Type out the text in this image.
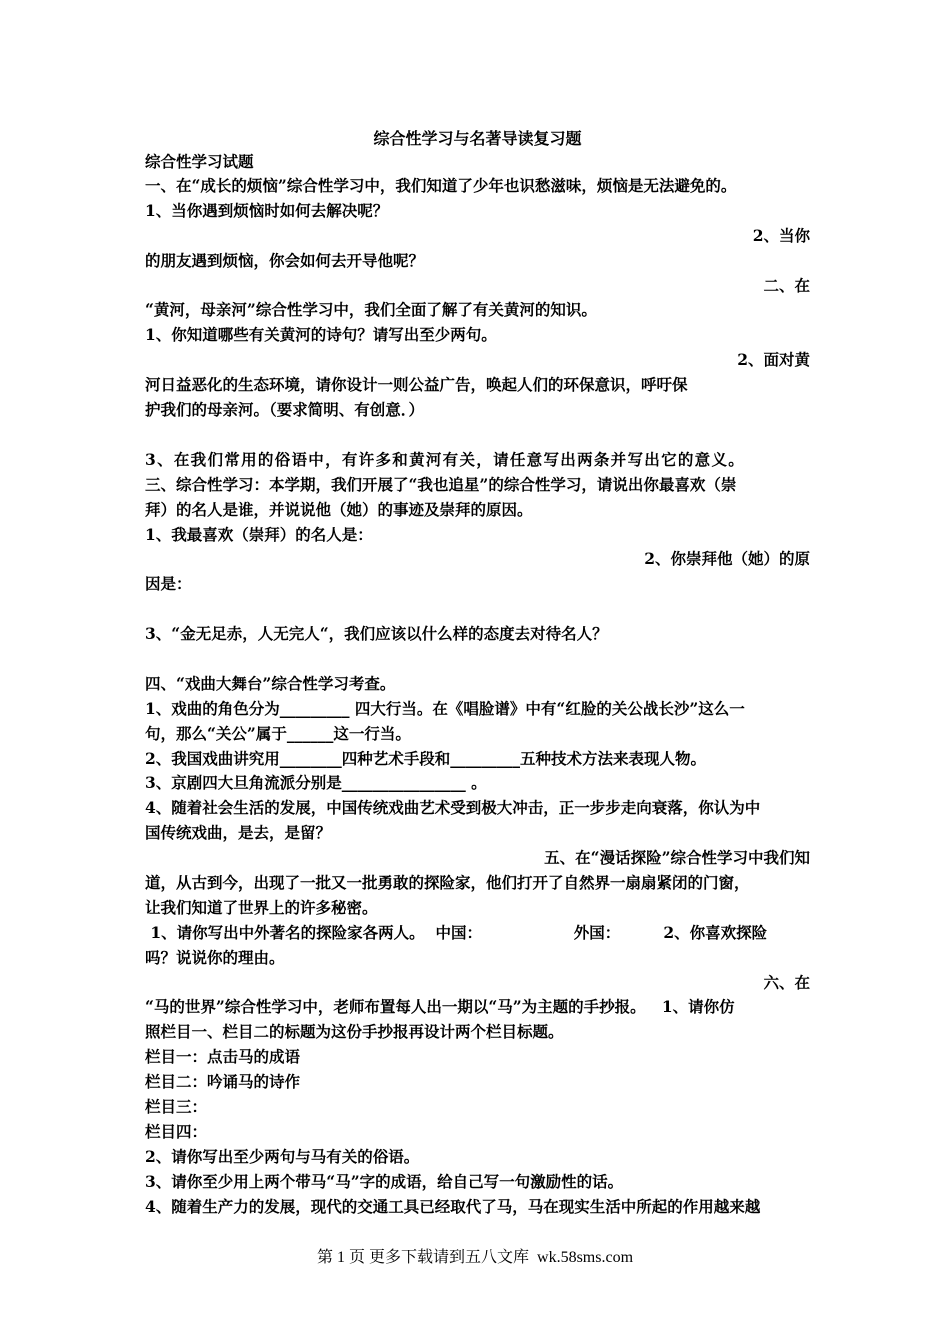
综合性学习与名著导读复习题
综合性学习试题
一、在“成长的烦恼”综合性学习中，我们知道了少年也识愁滋味，烦恼是无法避免的。
1、当你遇到烦恼时如何去解决呢？
2、当你
的朋友遇到烦恼，你会如何去开导他呢？
二、在
“黄河，母亲河”综合性学习中，我们全面了解了有关黄河的知识。
1、你知道哪些有关黄河的诗句？请写出至少两句。
2、面对黄
河日益恶化的生态环境，请你设计一则公益广告，唤起人们的环保意识，呼吁保
护我们的母亲河。（要求简明、有创意．）
3、在我们常用的俗语中，有许多和黄河有关，请任意写出两条并写出它的意义。
三、综合性学习：本学期，我们开展了“我也追星”的综合性学习，请说出你最喜欢（崇
拜）的名人是谁，并说说他（她）的事迹及崇拜的原因。
1、我最喜欢（崇拜）的名人是：
2、你崇拜他（她）的原
因是：
3、“金无足赤，人无完人“，我们应该以什么样的态度去对待名人？
四、“戏曲大舞台”综合性学习考查。
1、戏曲的角色分为_________ 四大行当。在《唱脸谱》中有“红脸的关公战长沙”这么一
句，那么“关公”属于______这一行当。
2、我国戏曲讲究用________四种艺术手段和_________五种技术方法来表现人物。
3、京剧四大旦角流派分别是________________ 。
4、随着社会生活的发展，中国传统戏曲艺术受到极大冲击，正一步步走向衰落，你认为中
国传统戏曲，是去，是留？
五、在“漫话探险”综合性学习中我们知
道，从古到今，出现了一批又一批勇敢的探险家，他们打开了自然界一扇扇紧闭的门窗，
让我们知道了世界上的许多秘密。
1、请你写出中外著名的探险家各两人。  中国：                 外国：        2、你喜欢探险
吗？说说你的理由。
六、在
“马的世界”综合性学习中，老师布置每人出一期以“马”为主题的手抄报。   1、请你仿
照栏目一、栏目二的标题为这份手抄报再设计两个栏目标题。
栏目一：点击马的成语
栏目二：吟诵马的诗作
栏目三：
栏目四：
2、请你写出至少两句与马有关的俗语。
3、请你至少用上两个带马“马”字的成语，给自己写一句激励性的话。
4、随着生产力的发展，现代的交通工具已经取代了马，马在现实生活中所起的作用越来越
第 1 页 更多下载请到五八文库 wk.58sms.com
